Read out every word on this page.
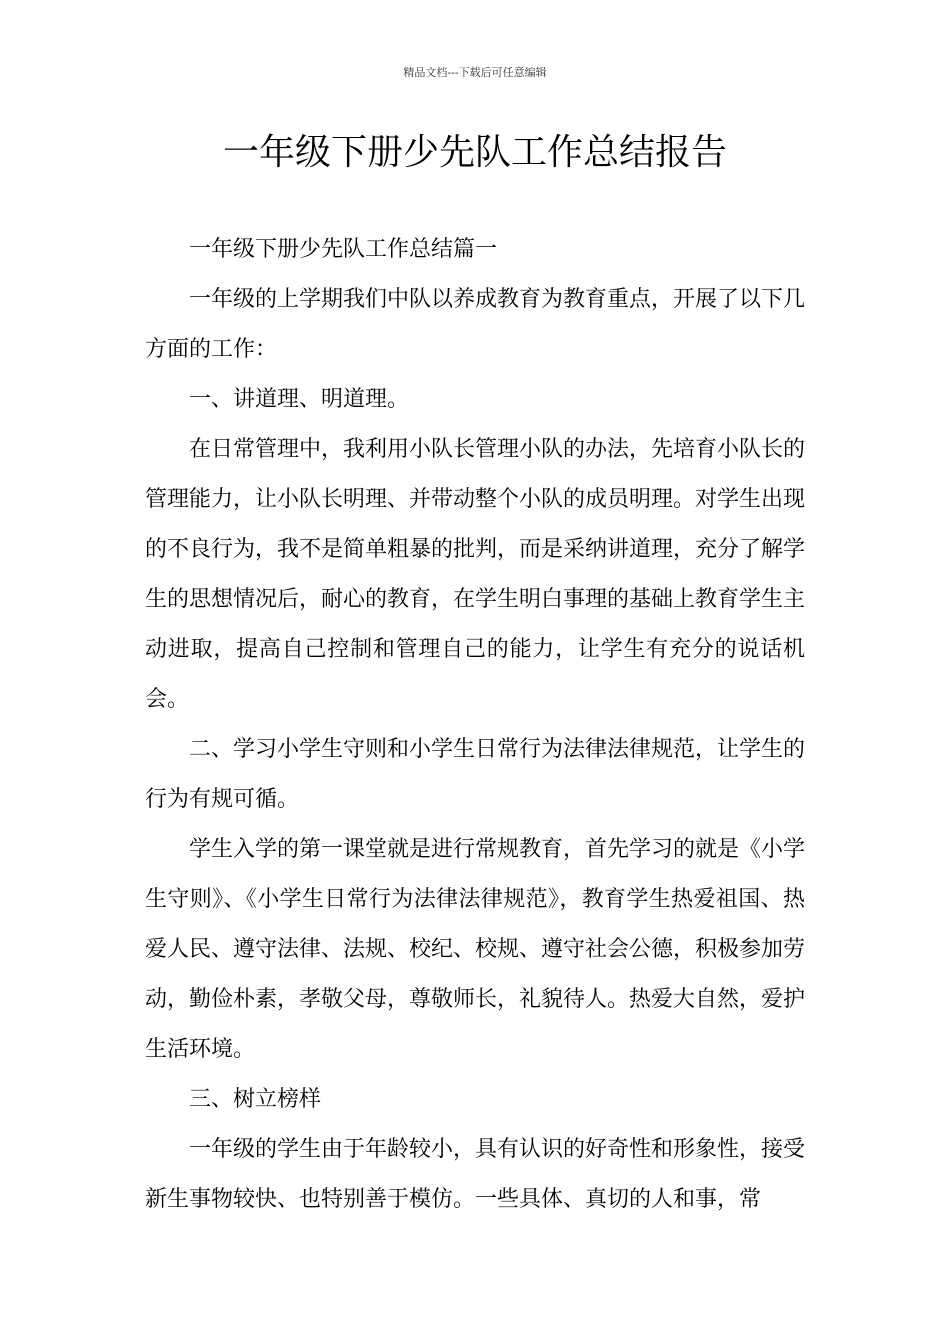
精品文档---下载后可任意编辑
一年级下册少先队工作总结报告

一年级下册少先队工作总结篇一

一年级的上学期我们中队以养成教育为教育重点，开展了以下几方面的工作：

一、讲道理、明道理。

在日常管理中，我利用小队长管理小队的办法，先培育小队长的管理能力，让小队长明理、并带动整个小队的成员明理。对学生出现的不良行为，我不是简单粗暴的批判，而是采纳讲道理，充分了解学生的思想情况后，耐心的教育，在学生明白事理的基础上教育学生主动进取，提高自己控制和管理自己的能力，让学生有充分的说话机会。

二、学习小学生守则和小学生日常行为法律法律规范，让学生的行为有规可循。

学生入学的第一课堂就是进行常规教育，首先学习的就是《小学生守则》、《小学生日常行为法律法律规范》，教育学生热爱祖国、热爱人民、遵守法律、法规、校纪、校规、遵守社会公德，积极参加劳动，勤俭朴素，孝敬父母，尊敬师长，礼貌待人。热爱大自然，爱护生活环境。

三、树立榜样

一年级的学生由于年龄较小，具有认识的好奇性和形象性，接受新生事物较快、也特别善于模仿。一些具体、真切的人和事，常
